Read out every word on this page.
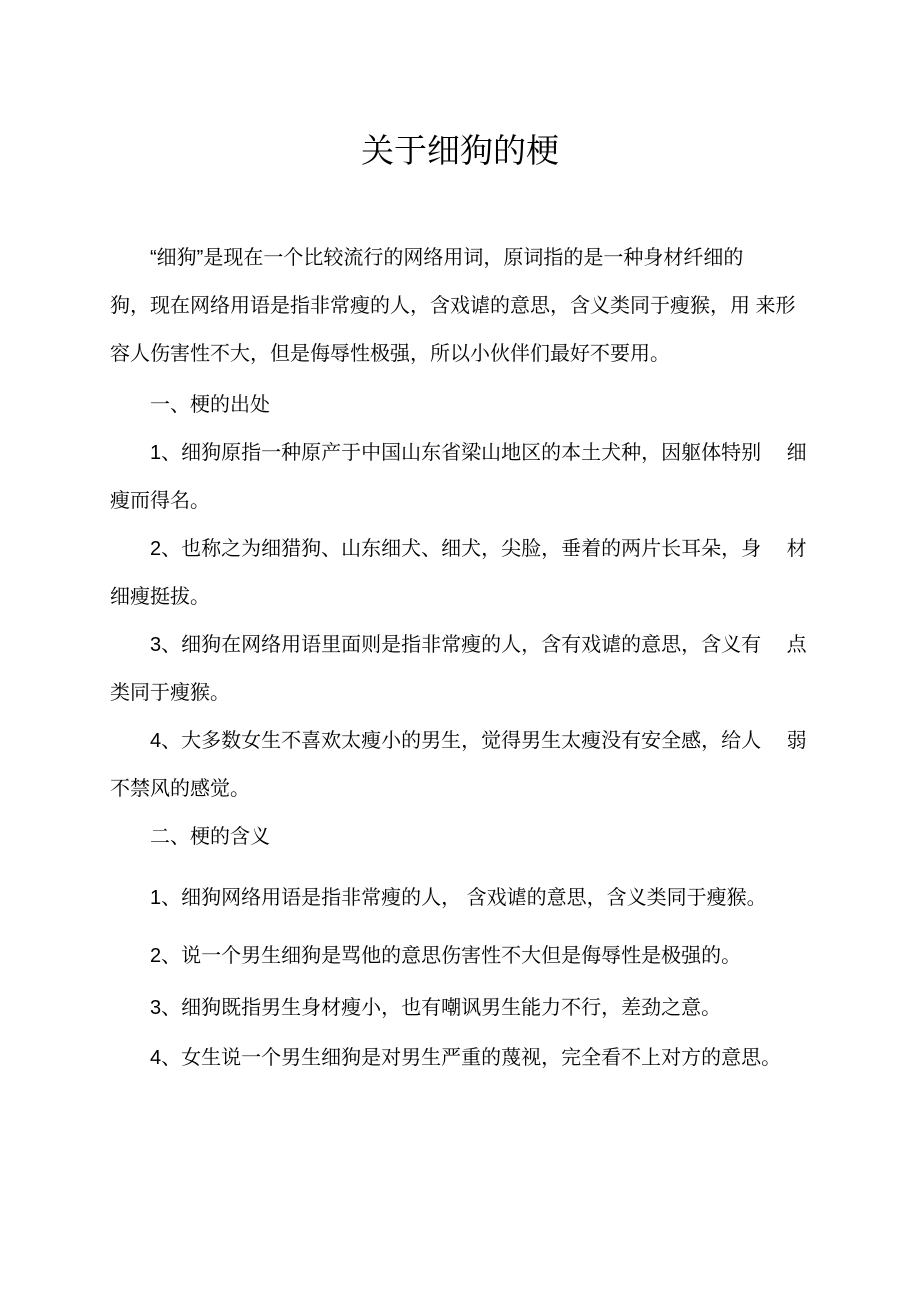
关于细狗的梗
“细狗”是现在一个比较流行的网络用词，原词指的是一种身材纤细的
狗，现在网络用语是指非常瘦的人，含戏谑的意思，含义类同于瘦猴，用 来形
容人伤害性不大，但是侮辱性极强，所以小伙伴们最好不要用。
一、梗的出处
1、细狗原指一种原产于中国山东省梁山地区的本土犬种，因躯体特别　 细
瘦而得名。
2、也称之为细猎狗、山东细犬、细犬，尖脸，垂着的两片长耳朵，身　 材
细瘦挺拔。
3、细狗在网络用语里面则是指非常瘦的人，含有戏谑的意思，含义有　 点
类同于瘦猴。
4、大多数女生不喜欢太瘦小的男生，觉得男生太瘦没有安全感，给人　 弱
不禁风的感觉。
二、梗的含义
1、细狗网络用语是指非常瘦的人， 含戏谑的意思，含义类同于瘦猴。
2、说一个男生细狗是骂他的意思伤害性不大但是侮辱性是极强的。
3、细狗既指男生身材瘦小，也有嘲讽男生能力不行，差劲之意。
4、女生说一个男生细狗是对男生严重的蔑视，完全看不上对方的意思。
